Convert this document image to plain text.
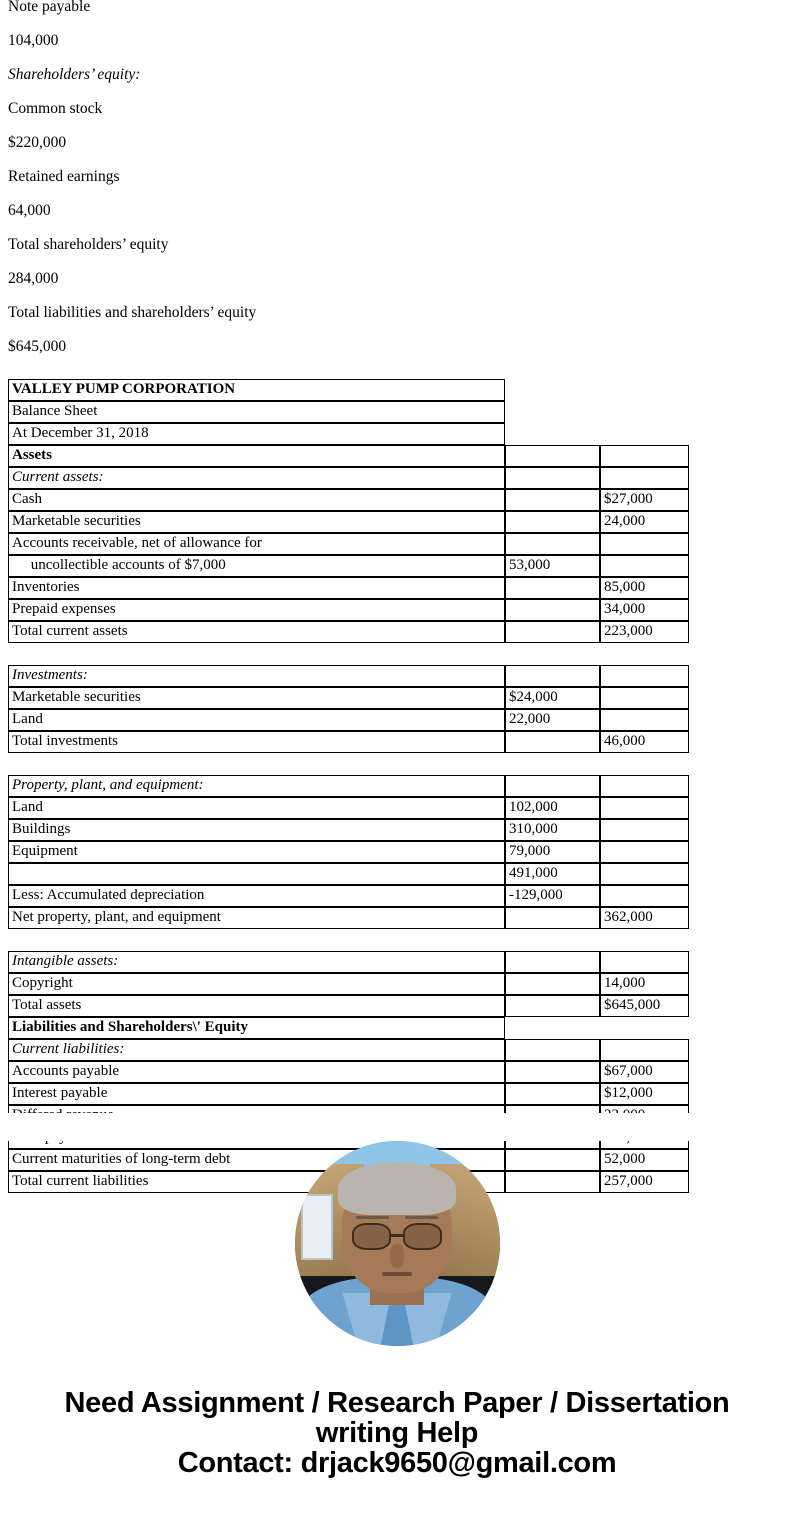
Note payable

104,000

Shareholders’ equity:

Common stock

$220,000

Retained earnings

64,000

Total shareholders’ equity

284,000

Total liabilities and shareholders’ equity

$645,000

VALLEY PUMP CORPORATION		
Balance Sheet		
At December 31, 2018		
Assets		
Current assets:		
Cash		$27,000
Marketable securities		24,000
Accounts receivable, net of allowance for		
uncollectible accounts of $7,000	53,000	
Inventories		85,000
Prepaid expenses		34,000
Total current assets		223,000

Investments:		
Marketable securities	$24,000	
Land	22,000	
Total investments		46,000

Property, plant, and equipment:		
Land	102,000	
Buildings	310,000	
Equipment	79,000	
	491,000	
Less: Accumulated depreciation	-129,000	
Net property, plant, and equipment		362,000

Intangible assets:		
Copyright		14,000
Total assets		$645,000
Liabilities and Shareholders\' Equity		
Current liabilities:		
Accounts payable		$67,000
Interest payable		$12,000

Current maturities of long-term debt		52,000
Total current liabilities		257,000
Need Assignment / Research Paper / Dissertation
writing Help
Contact: drjack9650@gmail.com
